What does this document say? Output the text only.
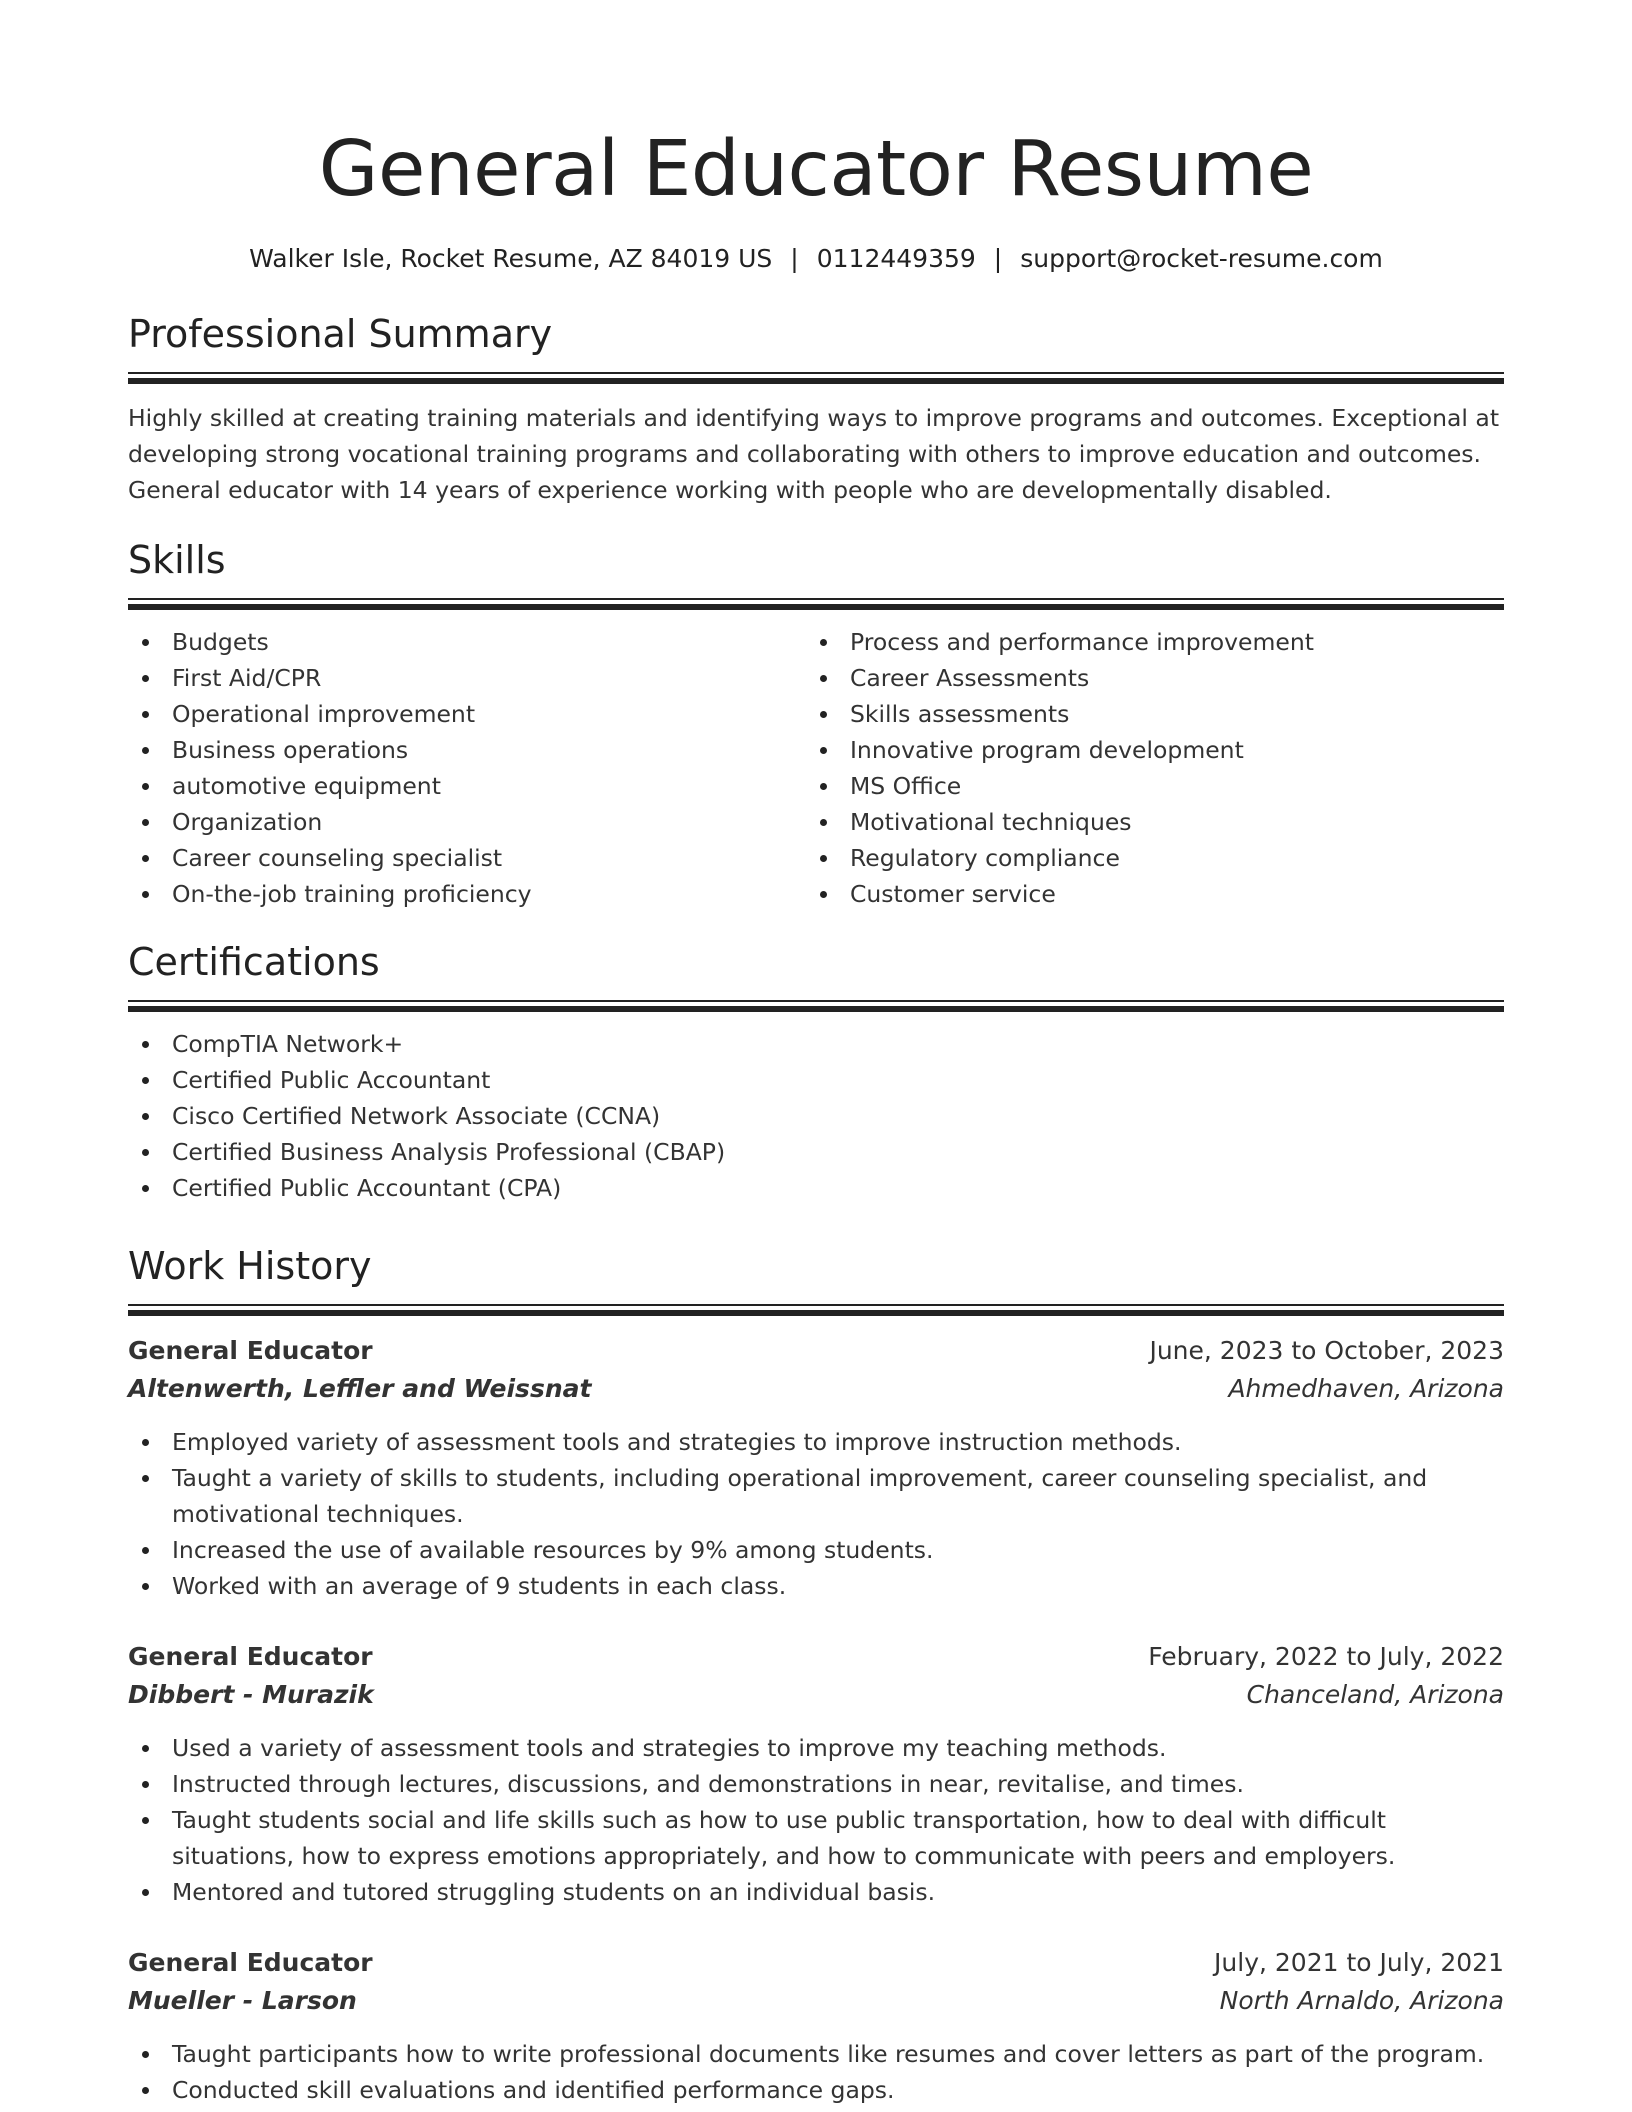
General Educator Resume
Walker Isle, Rocket Resume, AZ 84019 US | 0112449359 | support@rocket-resume.com
Professional Summary
Highly skilled at creating training materials and identifying ways to improve programs and outcomes. Exceptional at developing strong vocational training programs and collaborating with others to improve education and outcomes. General educator with 14 years of experience working with people who are developmentally disabled.
Skills
Budgets
First Aid/CPR
Operational improvement
Business operations
automotive equipment
Organization
Career counseling specialist
On-the-job training proficiency
Process and performance improvement
Career Assessments
Skills assessments
Innovative program development
MS Office
Motivational techniques
Regulatory compliance
Customer service
Certifications
CompTIA Network+
Certified Public Accountant
Cisco Certified Network Associate (CCNA)
Certified Business Analysis Professional (CBAP)
Certified Public Accountant (CPA)
Work History
General Educator	June, 2023 to October, 2023
Altenwerth, Leffler and Weissnat	Ahmedhaven, Arizona
Employed variety of assessment tools and strategies to improve instruction methods.
Taught a variety of skills to students, including operational improvement, career counseling specialist, and motivational techniques.
Increased the use of available resources by 9% among students.
Worked with an average of 9 students in each class.
General Educator	February, 2022 to July, 2022
Dibbert - Murazik	Chanceland, Arizona
Used a variety of assessment tools and strategies to improve my teaching methods.
Instructed through lectures, discussions, and demonstrations in near, revitalise, and times.
Taught students social and life skills such as how to use public transportation, how to deal with difficult situations, how to express emotions appropriately, and how to communicate with peers and employers.
Mentored and tutored struggling students on an individual basis.
General Educator	July, 2021 to July, 2021
Mueller - Larson	North Arnaldo, Arizona
Taught participants how to write professional documents like resumes and cover letters as part of the program.
Conducted skill evaluations and identified performance gaps.
